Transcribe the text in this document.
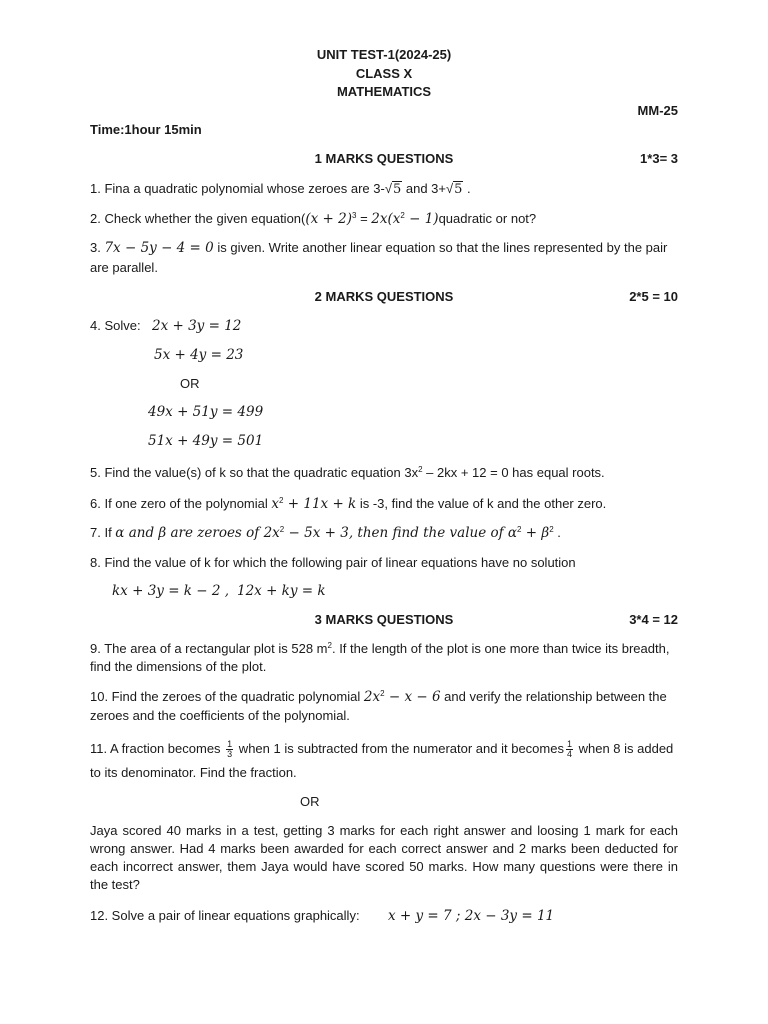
UNIT TEST-1(2024-25)
CLASS X
MATHEMATICS
MM-25
Time:1hour 15min
1 MARKS QUESTIONS	1*3= 3
1. Fina a quadratic polynomial whose zeroes are 3-√5 and 3+√5 .
2. Check whether the given equation((x + $2)^3 = 2x(x^2$ − 1)quadratic or not?
3. 7x − 5y − 4 = 0 is given. Write another linear equation so that the lines represented by the pair
are parallel.
2 MARKS QUESTIONS	2*5 = 10
4. Solve: 2x + 3y = 12
5x + 4y = 23
OR
49x + 51y = 499
51x + 49y = 501
5. Find the value(s) of k so that the quadratic equation $3x^2 - 2kx + 12 = 0$ has equal roots.
6. If one zero of the polynomial $x^2 + 11x + k$ is -3, find the value of k and the other zero.
7. If α and β are zeroes of $2x^2 - 5x + 3$, then find the value of $\alpha^2 + \beta^2$ .
8. Find the value of k for which the following pair of linear equations have no solution
kx + 3y = k − 2 , 12x + ky = k
3 MARKS QUESTIONS	3*4 = 12
9. The area of a rectangular plot is 528 $m^2$. If the length of the plot is one more than twice its breadth,
find the dimensions of the plot.
10. Find the zeroes of the quadratic polynomial $2x^2 - x - 6$ and verify the relationship between the
zeroes and the coefficients of the polynomial.
11. A fraction becomes $\frac{1}{3}$ when 1 is subtracted from the numerator and it becomes $\frac{1}{4}$ when 8 is added
to its denominator. Find the fraction.
OR
Jaya scored 40 marks in a test, getting 3 marks for each right answer and loosing 1 mark for each wrong answer. Had 4 marks been awarded for each correct answer and 2 marks been deducted for each incorrect answer, them Jaya would have scored 50 marks. How many questions were there in the test?
12. Solve a pair of linear equations graphically: x + y = 7 ; 2x − 3y = 11
